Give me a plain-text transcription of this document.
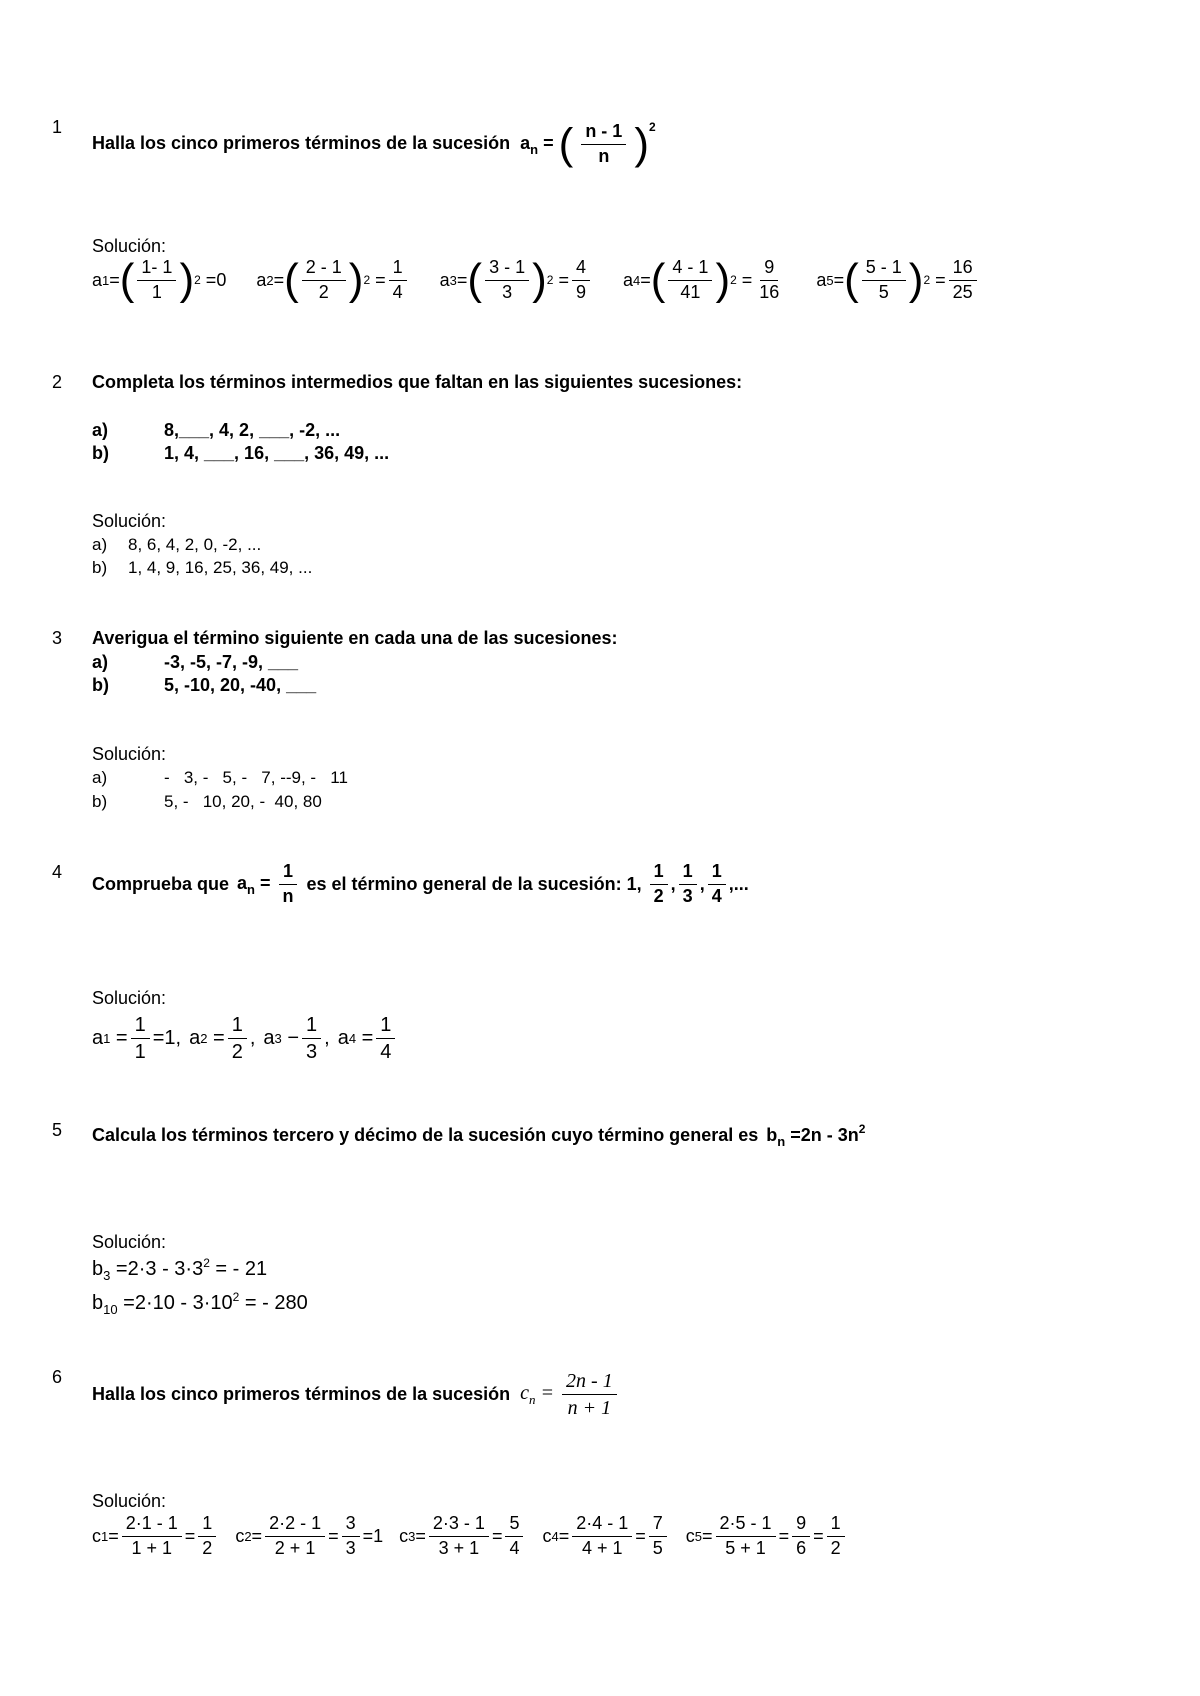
1
Halla los cinco primeros términos de la sucesión $a_n$ = ( $\frac{n - 1}{n} )^2$
Solución:
a 1 = ( $\frac{1- 1}{1}$ ) 2 = 0 a 2 = ( $\frac{2 - 1}{2}$ ) $2 = \frac{1}{4}$ a 3 = ( $\frac{3 - 1}{3}$ ) $2 = \frac{4}{9}$ a 4 = ( $\frac{4 - 1}{41}$ ) $2 = \frac{9}{16}$ a 5 = ( $\frac{5 - 1}{5}$ ) $2 = \frac{16}{25}$
2 Completa los términos intermedios que faltan en las siguientes sucesiones:
a)	8,___, 4, 2, ___, -2, ...
b)	1, 4, ___, 16, ___, 36, 49, ...
Solución:
a) 8, 6, 4, 2, 0, -2, ...
b) 1, 4, 9, 16, 25, 36, 49, ...
3 Averigua el término siguiente en cada una de las sucesiones:
a)	-3, -5, -7, -9, ___
b)	5, -10, 20, -40, ___
Solución:
a)	-   3, -   5, -   7, --9, -   11
b)	5, -   10, 20, -  40, 80
4
Comprueba que $a_n = \frac{1}{n}$ es el término general de la sucesión: 1, $\frac{1}{2}$ , $\frac{1}{3}$ , $\frac{1}{4}$ ,...
Solución:
a 1
= $\frac{1}{1} =1$, a 2
= $\frac{1}{2}$ , a 3
− $\frac{1}{3}$ , a 4
= $\frac{1}{4}$
5 Calcula los términos tercero y décimo de la sucesión cuyo término general es $b_n =2n - 3n^2$
Solución:
$b_3 =2\cdot 3 - 3\cdot 3^2$ = - 21
$b_{10} =2\cdot 10 - 3\cdot 10^2$ = - 280
6
Halla los cinco primeros términos de la sucesión $c_n = \frac{2n - 1}{n + 1}$
Solución:
c $1 = \frac{2\cdot 1 - 1}{1 + 1} = \frac{1}{2}$ c $2 = \frac{2\cdot 2 - 1}{2 + 1} = \frac{3}{3} =1$ c $3 = \frac{2\cdot 3 - 1}{3 + 1} = \frac{5}{4}$ c $4 = \frac{2\cdot 4 - 1}{4 + 1} = \frac{7}{5}$ c $5 = \frac{2\cdot 5 - 1}{5 + 1} = \frac{9}{6} = \frac{1}{2}$
